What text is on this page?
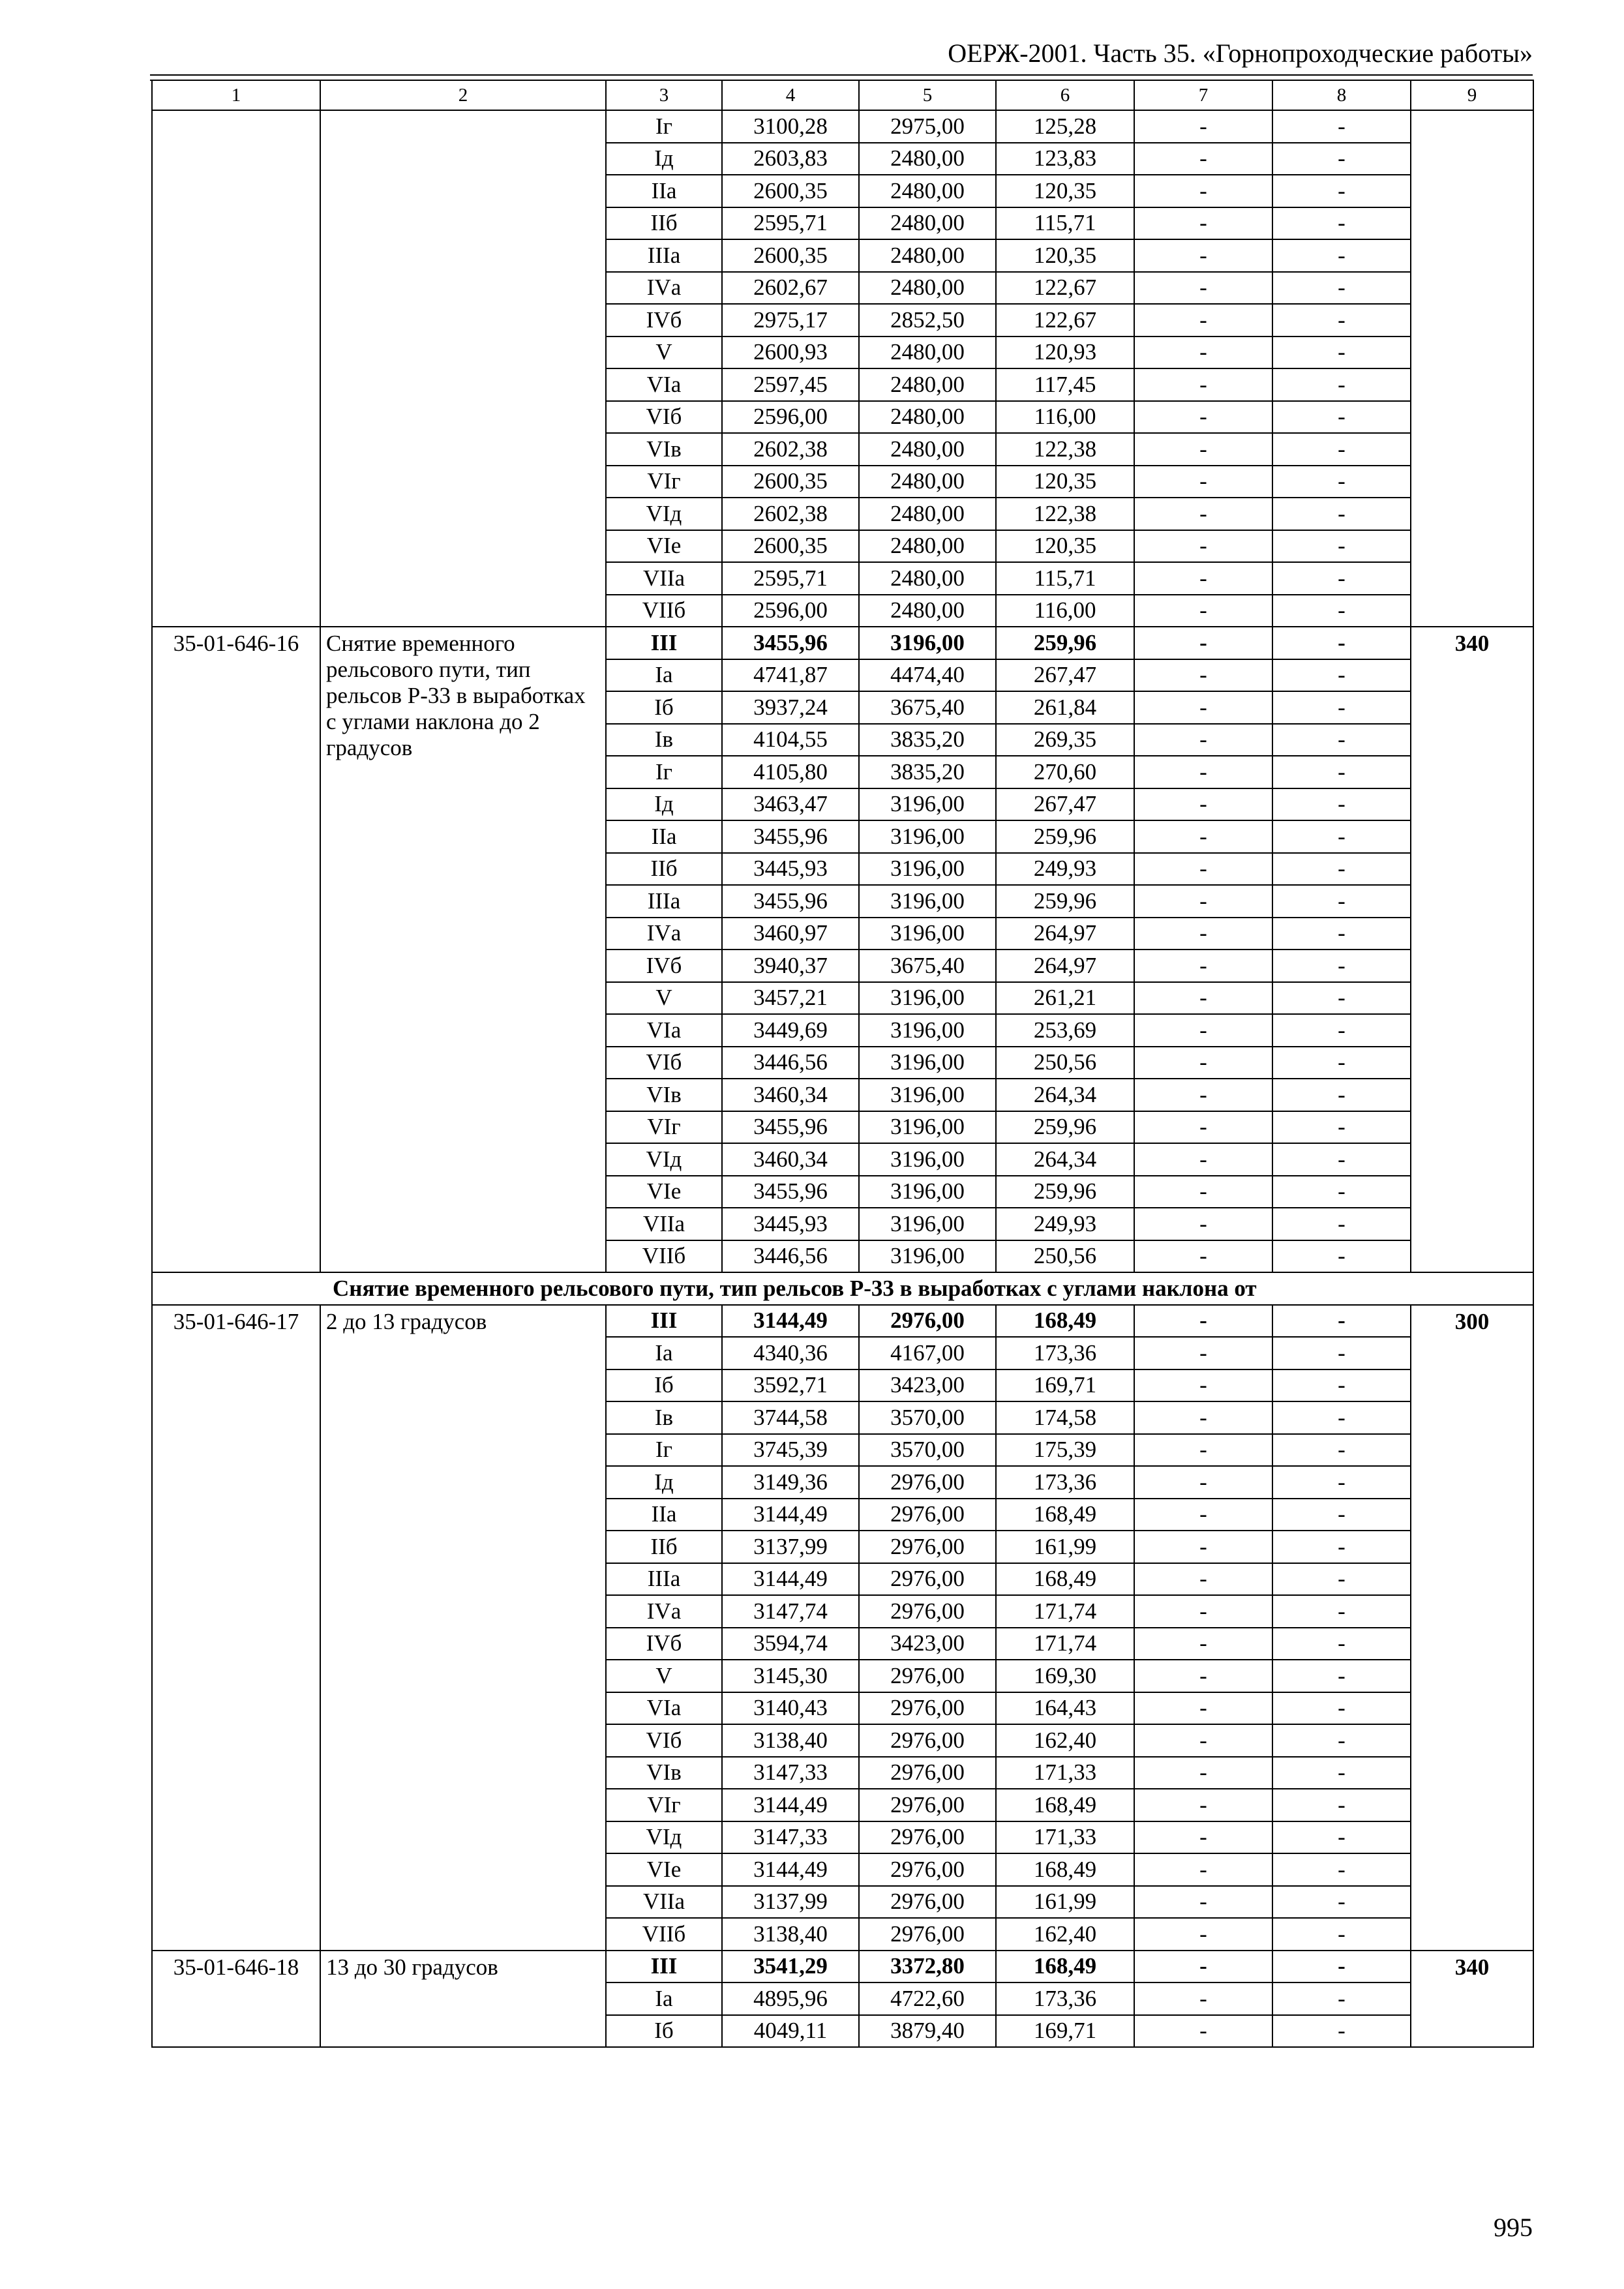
ОЕРЖ-2001. Часть 35. «Горнопроходческие работы»
1	2	3	4	5	6	7	8	9
		Iг	3100,28	2975,00	125,28	-	-	
		Iд	2603,83	2480,00	123,83	-	-	
		IIа	2600,35	2480,00	120,35	-	-	
		IIб	2595,71	2480,00	115,71	-	-	
		IIIа	2600,35	2480,00	120,35	-	-	
		IVа	2602,67	2480,00	122,67	-	-	
		IVб	2975,17	2852,50	122,67	-	-	
		V	2600,93	2480,00	120,93	-	-	
		VIа	2597,45	2480,00	117,45	-	-	
		VIб	2596,00	2480,00	116,00	-	-	
		VIв	2602,38	2480,00	122,38	-	-	
		VIг	2600,35	2480,00	120,35	-	-	
		VIд	2602,38	2480,00	122,38	-	-	
		VIе	2600,35	2480,00	120,35	-	-	
		VIIа	2595,71	2480,00	115,71	-	-	
		VIIб	2596,00	2480,00	116,00	-	-	
35-01-646-16	Снятие временного рельсового пути, тип рельсов Р-33 в выработках с углами наклона до 2 градусов	III	3455,96	3196,00	259,96	-	-	340
		Iа	4741,87	4474,40	267,47	-	-	
		Iб	3937,24	3675,40	261,84	-	-	
		Iв	4104,55	3835,20	269,35	-	-	
		Iг	4105,80	3835,20	270,60	-	-	
		Iд	3463,47	3196,00	267,47	-	-	
		IIа	3455,96	3196,00	259,96	-	-	
		IIб	3445,93	3196,00	249,93	-	-	
		IIIа	3455,96	3196,00	259,96	-	-	
		IVа	3460,97	3196,00	264,97	-	-	
		IVб	3940,37	3675,40	264,97	-	-	
		V	3457,21	3196,00	261,21	-	-	
		VIа	3449,69	3196,00	253,69	-	-	
		VIб	3446,56	3196,00	250,56	-	-	
		VIв	3460,34	3196,00	264,34	-	-	
		VIг	3455,96	3196,00	259,96	-	-	
		VIд	3460,34	3196,00	264,34	-	-	
		VIе	3455,96	3196,00	259,96	-	-	
		VIIа	3445,93	3196,00	249,93	-	-	
		VIIб	3446,56	3196,00	250,56	-	-	
Снятие временного рельсового пути, тип рельсов Р-33 в выработках с углами наклона от								
35-01-646-17	2 до 13 градусов	III	3144,49	2976,00	168,49	-	-	300
		Iа	4340,36	4167,00	173,36	-	-	
		Iб	3592,71	3423,00	169,71	-	-	
		Iв	3744,58	3570,00	174,58	-	-	
		Iг	3745,39	3570,00	175,39	-	-	
		Iд	3149,36	2976,00	173,36	-	-	
		IIа	3144,49	2976,00	168,49	-	-	
		IIб	3137,99	2976,00	161,99	-	-	
		IIIа	3144,49	2976,00	168,49	-	-	
		IVа	3147,74	2976,00	171,74	-	-	
		IVб	3594,74	3423,00	171,74	-	-	
		V	3145,30	2976,00	169,30	-	-	
		VIа	3140,43	2976,00	164,43	-	-	
		VIб	3138,40	2976,00	162,40	-	-	
		VIв	3147,33	2976,00	171,33	-	-	
		VIг	3144,49	2976,00	168,49	-	-	
		VIд	3147,33	2976,00	171,33	-	-	
		VIе	3144,49	2976,00	168,49	-	-	
		VIIа	3137,99	2976,00	161,99	-	-	
		VIIб	3138,40	2976,00	162,40	-	-	
35-01-646-18	13 до 30 градусов	III	3541,29	3372,80	168,49	-	-	340
		Iа	4895,96	4722,60	173,36	-	-	
		Iб	4049,11	3879,40	169,71	-	-	
995
